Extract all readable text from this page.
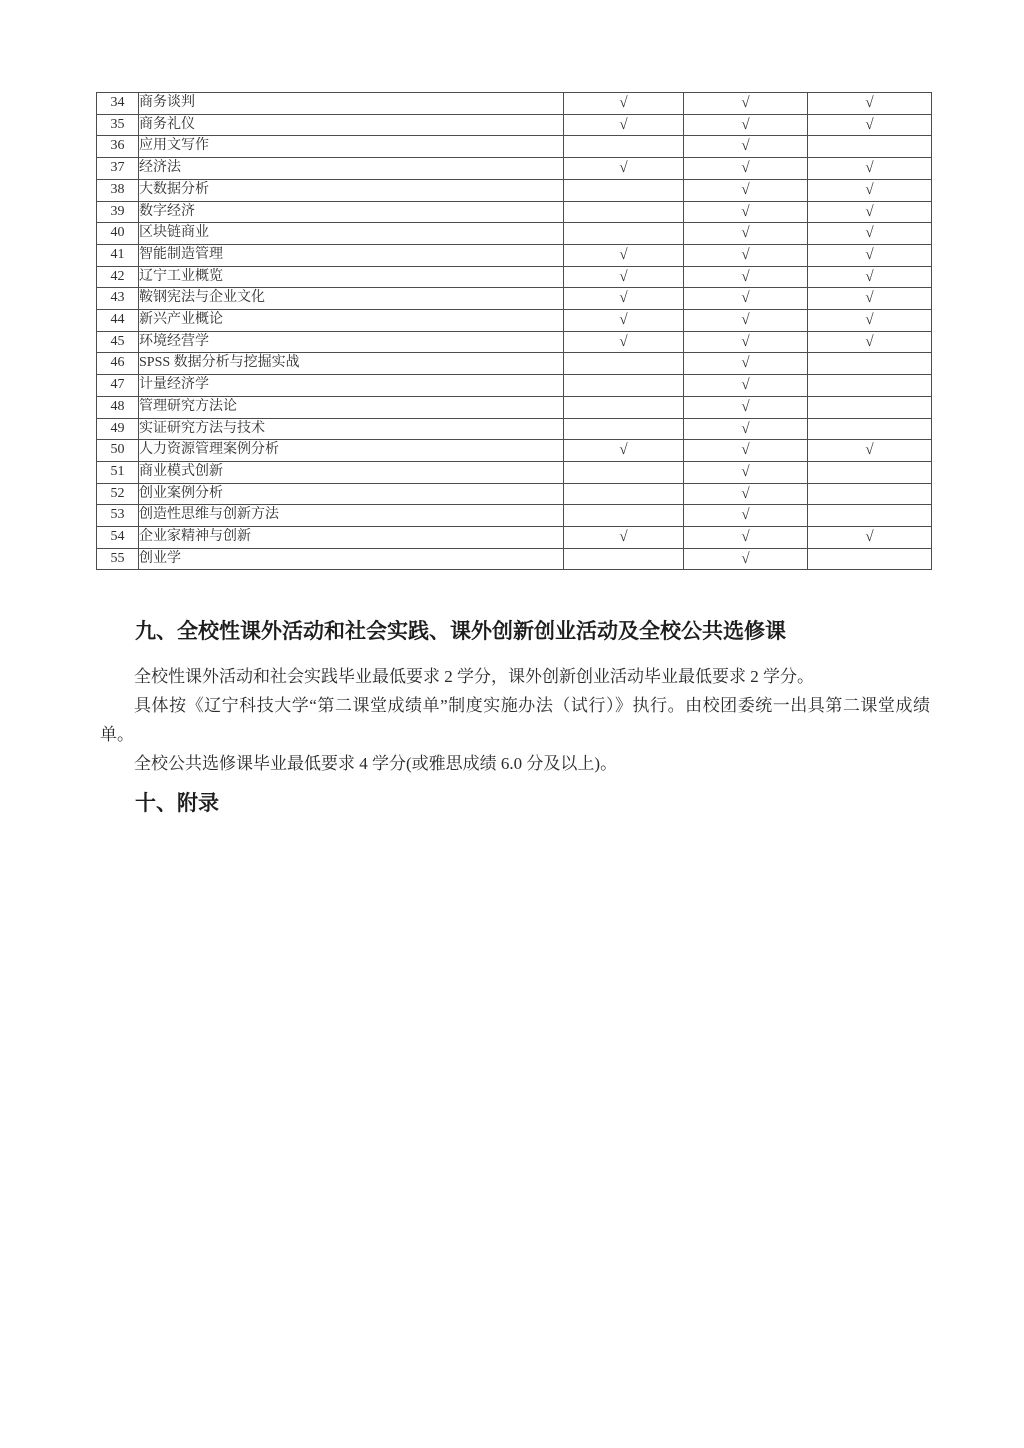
34	商务谈判	√	√	√
35	商务礼仪	√	√	√
36	应用文写作		√	
37	经济法	√	√	√
38	大数据分析		√	√
39	数字经济		√	√
40	区块链商业		√	√
41	智能制造管理	√	√	√
42	辽宁工业概览	√	√	√
43	鞍钢宪法与企业文化	√	√	√
44	新兴产业概论	√	√	√
45	环境经营学	√	√	√
46	SPSS 数据分析与挖掘实战		√	
47	计量经济学		√	
48	管理研究方法论		√	
49	实证研究方法与技术		√	
50	人力资源管理案例分析	√	√	√
51	商业模式创新		√	
52	创业案例分析		√	
53	创造性思维与创新方法		√	
54	企业家精神与创新	√	√	√
55	创业学		√	
九、全校性课外活动和社会实践、课外创新创业活动及全校公共选修课

全校性课外活动和社会实践毕业最低要求 2 学分，课外创新创业活动毕业最低要求 2 学分。

具体按《辽宁科技大学“第二课堂成绩单”制度实施办法（试行）》执行。由校团委统一出具第二课堂成绩单。

全校公共选修课毕业最低要求 4 学分(或雅思成绩 6.0 分及以上)。

十、附录
